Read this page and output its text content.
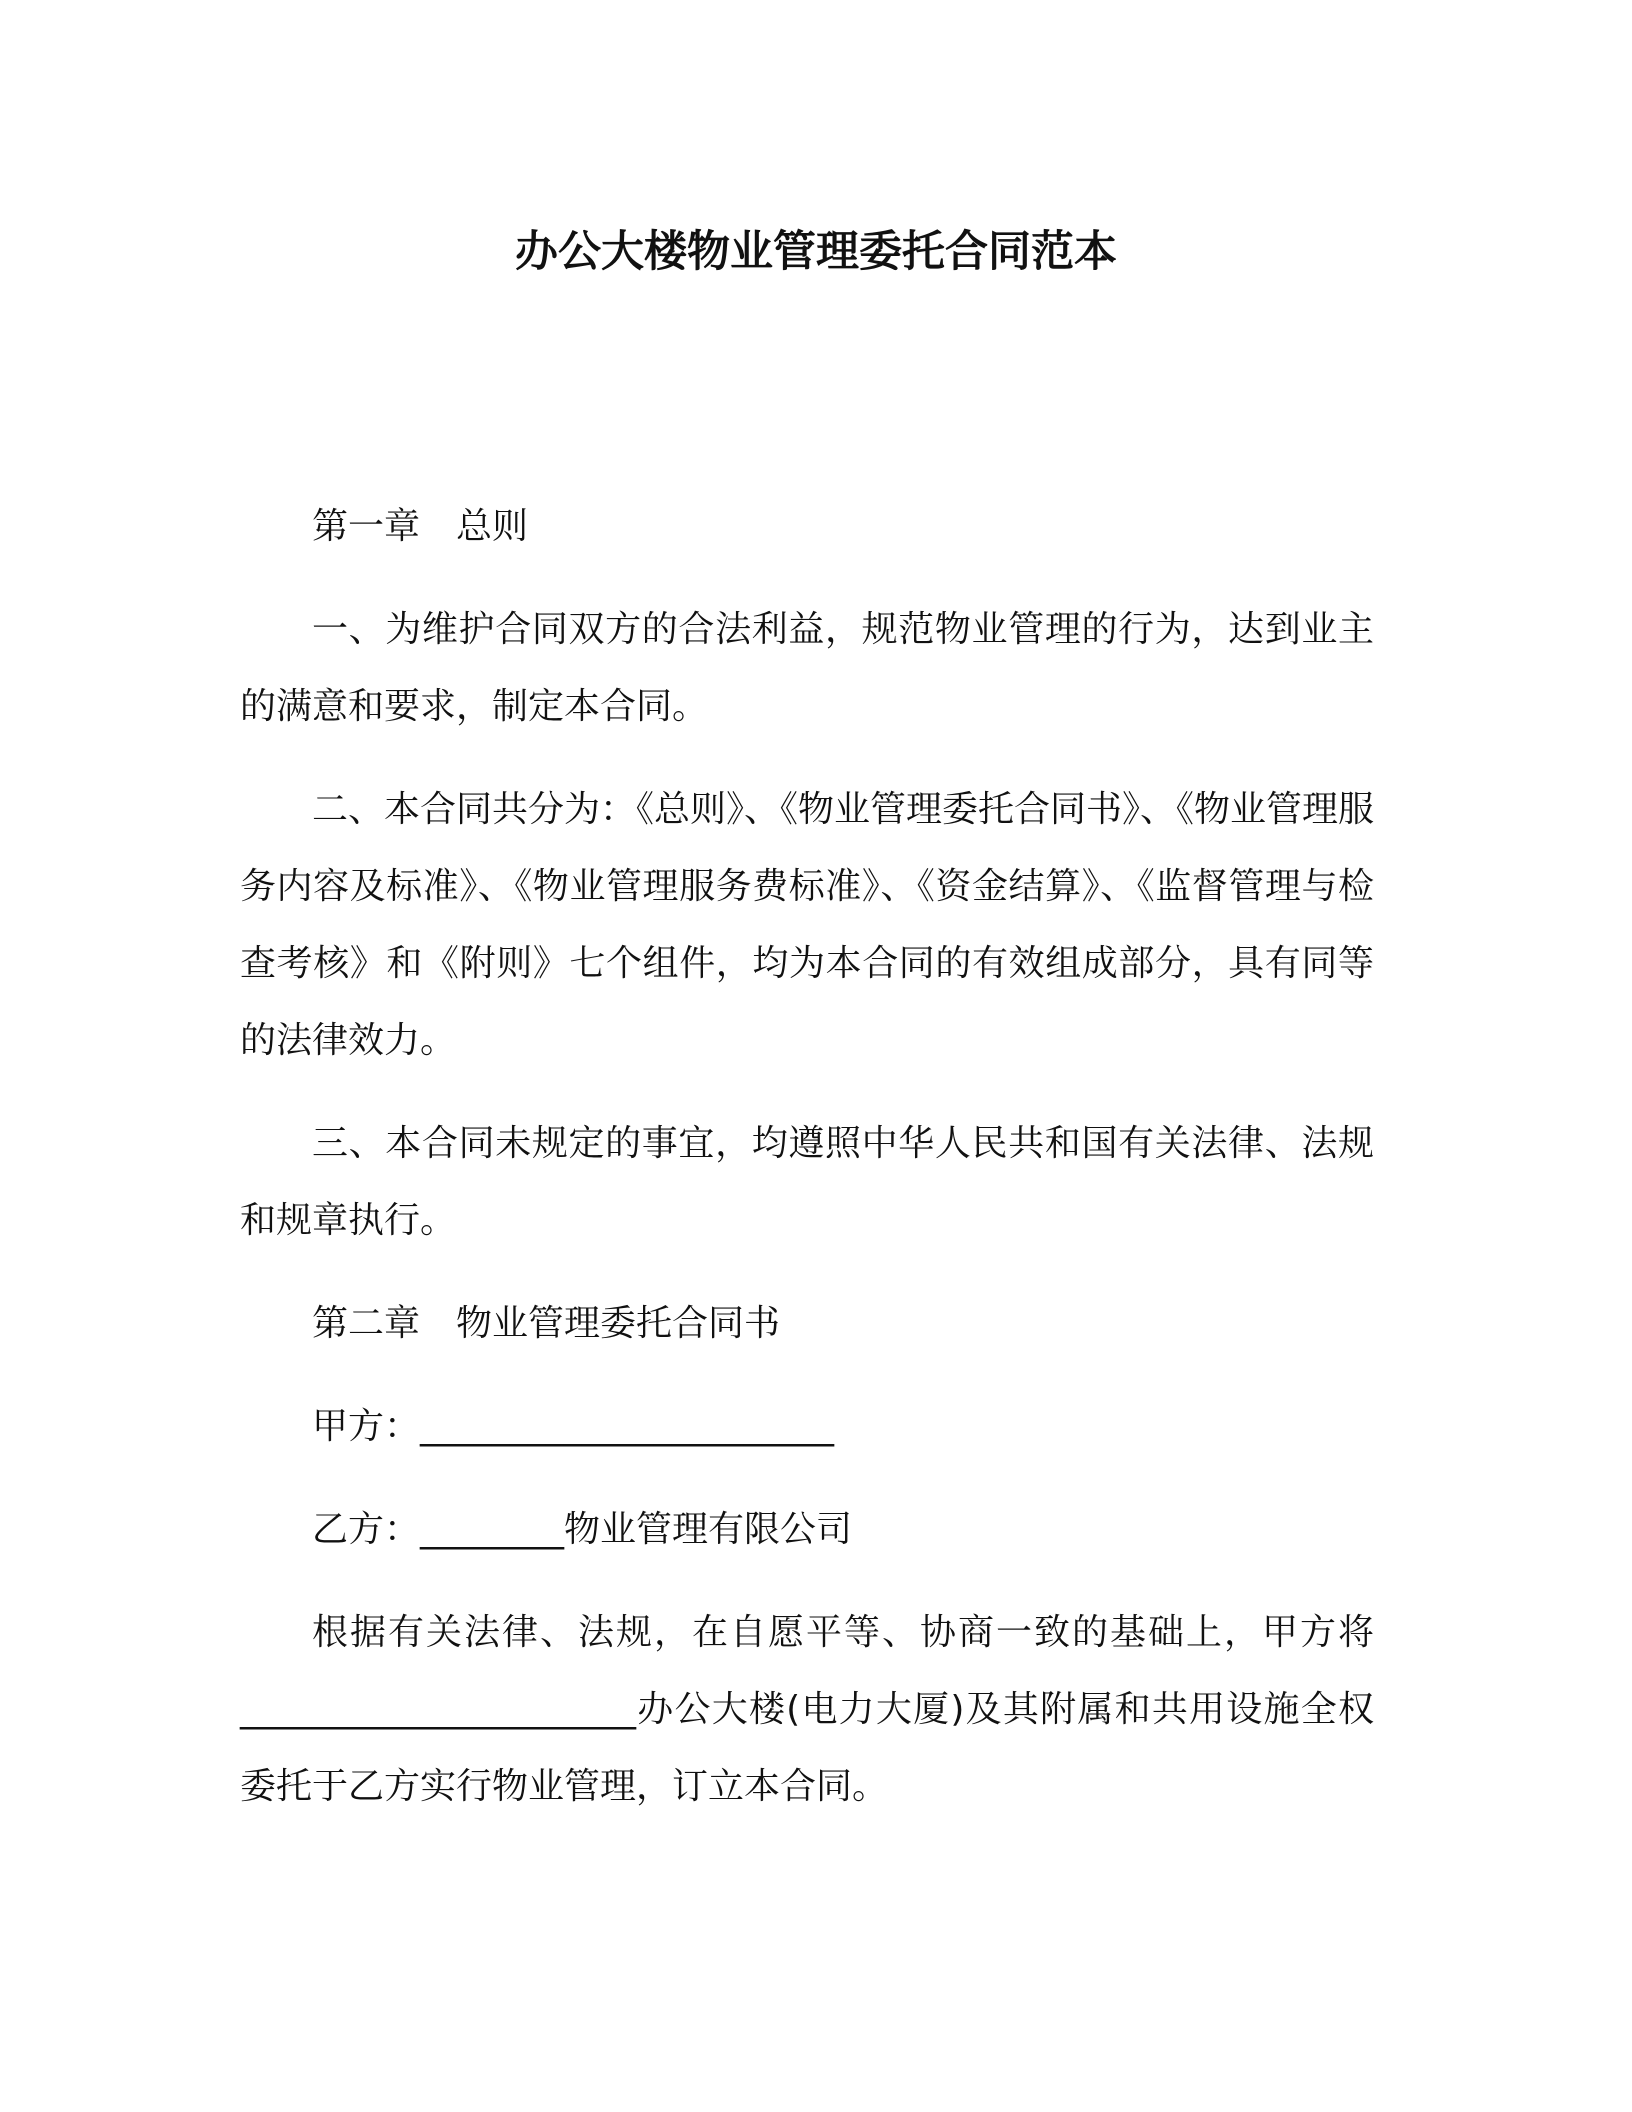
办公大楼物业管理委托合同范本
第一章　总则

一、为维护合同双方的合法利益，规范物业管理的行为，达到业主的满意和要求，制定本合同。

二、本合同共分为：《总则》、《物业管理委托合同书》、《物业管理服务内容及标准》、《物业管理服务费标准》、《资金结算》、《监督管理与检查考核》和《附则》七个组件，均为本合同的有效组成部分，具有同等的法律效力。

三、本合同未规定的事宜，均遵照中华人民共和国有关法律、法规和规章执行。

第二章　物业管理委托合同书
甲方：_______________________
乙方：________物业管理有限公司

根据有关法律、法规，在自愿平等、协商一致的基础上，甲方将______________________办公大楼(电力大厦)及其附属和共用设施全权委托于乙方实行物业管理，订立本合同。
